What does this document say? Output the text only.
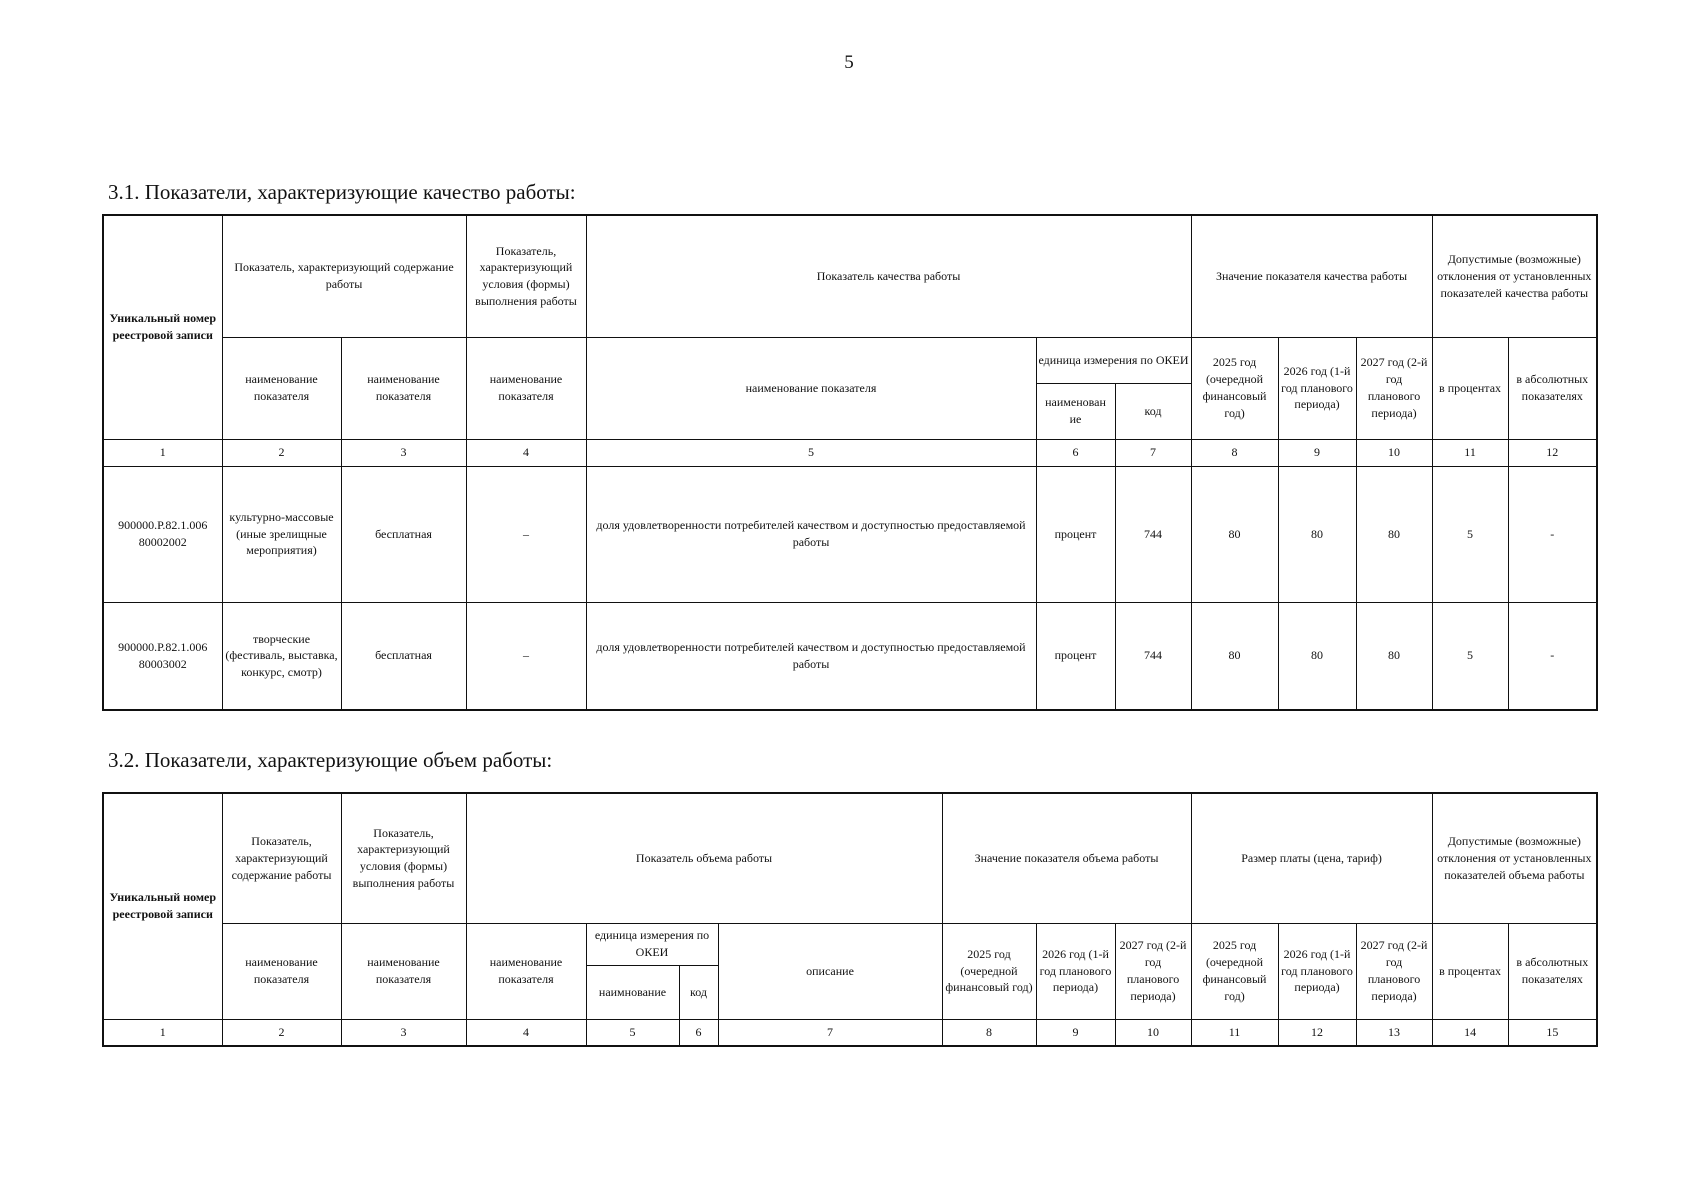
5
3.1. Показатели, характеризующие качество работы:
Уникальный номер реестровой записи	Показатель, характеризующий содержание работы		Показатель, характеризующий условия (формы) выполнения работы	Показатель качества работы			Значение показателя качества работы			Допустимые (возможные) отклонения от установленных показателей качества работы	
	наименование показателя	наименование показателя	наименование показателя	наименование показателя	единица измерения по ОКЕИ		2025 год (очередной финансовый год)	2026 год (1-й год планового периода)	2027 год (2-й год планового периода)	в процентах	в абсолютных показателях
					наименован ие	код					
1	2	3	4	5	6	7	8	9	10	11	12
900000.Р.82.1.006 80002002	культурно-массовые (иные зрелищные мероприятия)	бесплатная	–	доля удовлетворенности потребителей качеством и доступностью предоставляемой работы	процент	744	80	80	80	5	-
900000.Р.82.1.006 80003002	творческие (фестиваль, выставка, конкурс, смотр)	бесплатная	–	доля удовлетворенности потребителей качеством и доступностью предоставляемой работы	процент	744	80	80	80	5	-
3.2. Показатели, характеризующие объем работы:
Уникальный номер реестровой записи	Показатель, характеризующий содержание работы	Показатель, характеризующий условия (формы) выполнения работы	Показатель объема работы				Значение показателя объема работы			Размер платы (цена, тариф)			Допустимые (возможные) отклонения от установленных показателей объема работы	
	наименование показателя	наименование показателя	наименование показателя	единица измерения по ОКЕИ		описание	2025 год (очередной финансовый год)	2026 год (1-й год планового периода)	2027 год (2-й год планового периода)	2025 год (очередной финансовый год)	2026 год (1-й год планового периода)	2027 год (2-й год планового периода)	в процентах	в абсолютных показателях
				наимнование	код									
1	2	3	4	5	6	7	8	9	10	11	12	13	14	15
